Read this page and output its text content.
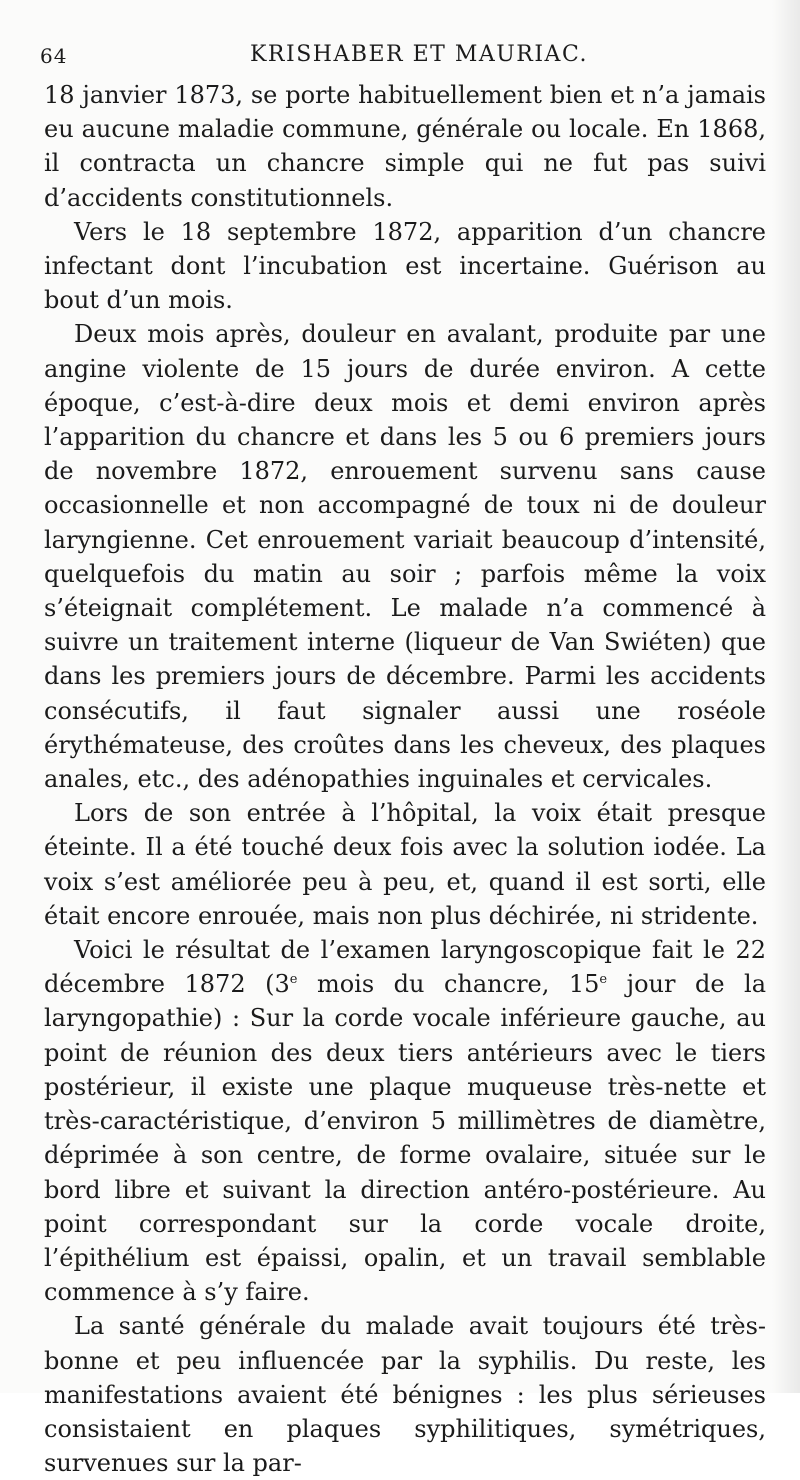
64	KRISHABER ET MAURIAC.

18 janvier 1873, se porte habituellement bien et n’a jamais eu aucune maladie commune, générale ou locale. En 1868, il contracta un chancre simple qui ne fut pas suivi d’accidents constitutionnels.

Vers le 18 septembre 1872, apparition d’un chancre infectant dont l’incubation est incertaine. Guérison au bout d’un mois.

Deux mois après, douleur en avalant, produite par une angine violente de 15 jours de durée environ. A cette époque, c’est-à-dire deux mois et demi environ après l’apparition du chancre et dans les 5 ou 6 premiers jours de novembre 1872, enrouement survenu sans cause occasionnelle et non accompagné de toux ni de douleur laryngienne. Cet enrouement variait beaucoup d’intensité, quelquefois du matin au soir ; parfois même la voix s’éteignait complétement. Le malade n’a commencé à suivre un traitement interne (liqueur de Van Swiéten) que dans les premiers jours de décembre. Parmi les accidents consécutifs, il faut signaler aussi une roséole érythémateuse, des croûtes dans les cheveux, des plaques anales, etc., des adénopathies inguinales et cervicales.

Lors de son entrée à l’hôpital, la voix était presque éteinte. Il a été touché deux fois avec la solution iodée. La voix s’est améliorée peu à peu, et, quand il est sorti, elle était encore enrouée, mais non plus déchirée, ni stridente.

Voici le résultat de l’examen laryngoscopique fait le 22 décembre 1872 (3e mois du chancre, 15e jour de la laryngopathie) : Sur la corde vocale inférieure gauche, au point de réunion des deux tiers antérieurs avec le tiers postérieur, il existe une plaque muqueuse très-nette et très-caractéristique, d’environ 5 millimètres de diamètre, déprimée à son centre, de forme ovalaire, située sur le bord libre et suivant la direction antéro-postérieure. Au point correspondant sur la corde vocale droite, l’épithélium est épaissi, opalin, et un travail semblable commence à s’y faire.

La santé générale du malade avait toujours été très-bonne et peu influencée par la syphilis. Du reste, les manifestations avaient été bénignes : les plus sérieuses consistaient en plaques syphilitiques, symétriques, survenues sur la par-
